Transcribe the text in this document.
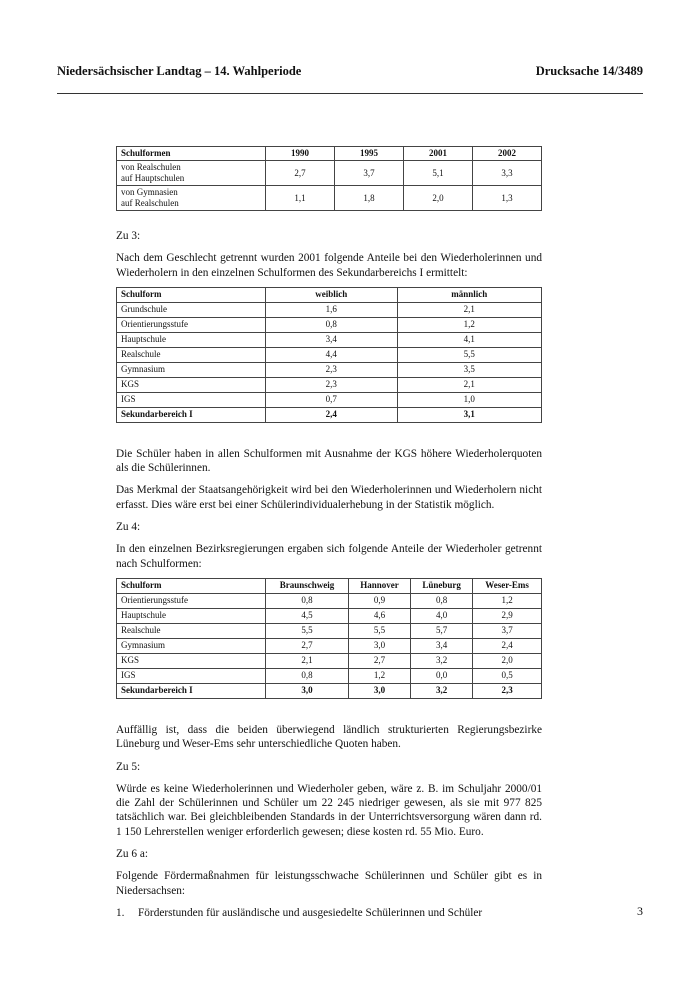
Niedersächsischer Landtag – 14. Wahlperiode	Drucksache 14/3489
Schulformen	1990	1995	2001	2002

von Realschulen
auf Hauptschulen	2,7	3,7	5,1	3,3

von Gymnasien
auf Realschulen	1,1	1,8	2,0	1,3

Zu 3:

Nach dem Geschlecht getrennt wurden 2001 folgende Anteile bei den Wiederholerinnen und Wiederholern in den einzelnen Schulformen des Sekundarbereichs I ermittelt:

Schulform	weiblich	männlich
Grundschule	1,6	2,1
Orientierungsstufe	0,8	1,2
Hauptschule	3,4	4,1
Realschule	4,4	5,5
Gymnasium	2,3	3,5
KGS	2,3	2,1
IGS	0,7	1,0
Sekundarbereich I	2,4	3,1

Die Schüler haben in allen Schulformen mit Ausnahme der KGS höhere Wiederholerquoten als die Schülerinnen.

Das Merkmal der Staatsangehörigkeit wird bei den Wiederholerinnen und Wiederholern nicht erfasst. Dies wäre erst bei einer Schülerindividualerhebung in der Statistik möglich.

Zu 4:

In den einzelnen Bezirksregierungen ergaben sich folgende Anteile der Wiederholer getrennt nach Schulformen:

Schulform	Braunschweig	Hannover	Lüneburg	Weser-Ems
Orientierungsstufe	0,8	0,9	0,8	1,2
Hauptschule	4,5	4,6	4,0	2,9
Realschule	5,5	5,5	5,7	3,7
Gymnasium	2,7	3,0	3,4	2,4
KGS	2,1	2,7	3,2	2,0
IGS	0,8	1,2	0,0	0,5
Sekundarbereich I	3,0	3,0	3,2	2,3

Auffällig ist, dass die beiden überwiegend ländlich strukturierten Regierungsbezirke Lüneburg und Weser-Ems sehr unterschiedliche Quoten haben.

Zu 5:

Würde es keine Wiederholerinnen und Wiederholer geben, wäre z. B. im Schuljahr 2000/01 die Zahl der Schülerinnen und Schüler um 22 245 niedriger gewesen, als sie mit 977 825 tatsächlich war. Bei gleichbleibenden Standards in der Unterrichtsversorgung wären dann rd. 1 150 Lehrerstellen weniger erforderlich gewesen; diese kosten rd. 55 Mio. Euro.

Zu 6 a:

Folgende Fördermaßnahmen für leistungsschwache Schülerinnen und Schüler gibt es in Niedersachsen:

1.	Förderstunden für ausländische und ausgesiedelte Schülerinnen und Schüler	3
